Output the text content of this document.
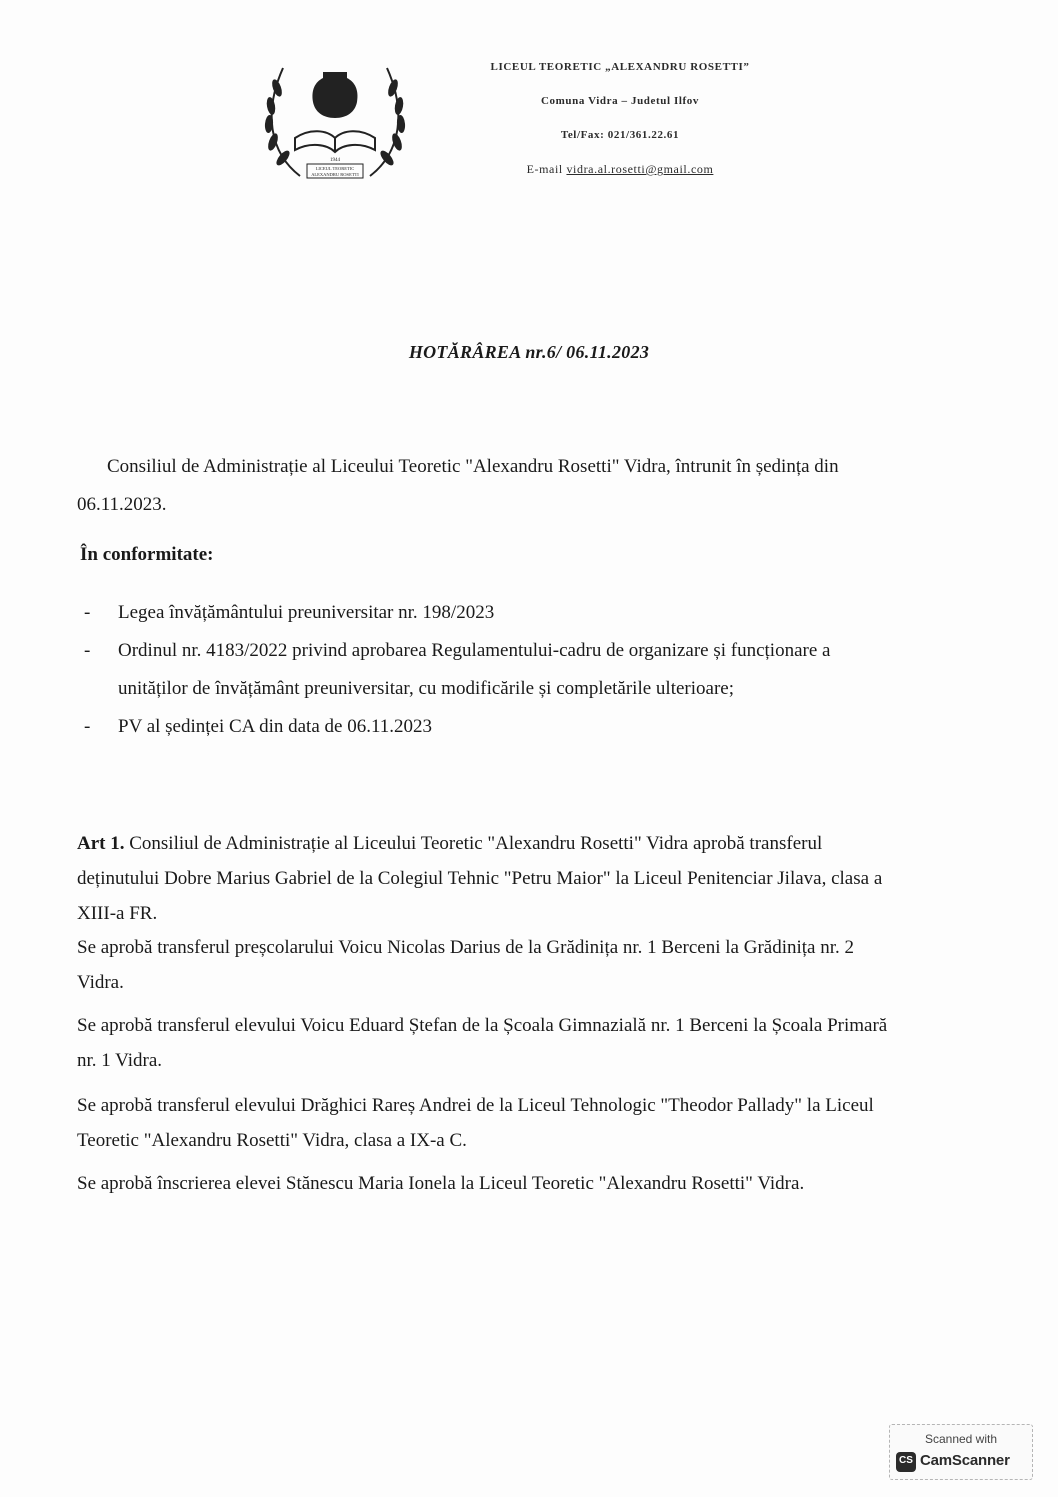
1944
LICEUL TEORETIC
ALEXANDRU ROSETTI
LICEUL TEORETIC „ALEXANDRU ROSETTI”
Comuna Vidra – Judetul Ilfov
Tel/Fax: 021/361.22.61
E-mail vidra.al.rosetti@gmail.com
HOTĂRÂREA nr.6/ 06.11.2023
Consiliul de Administrație al Liceului Teoretic "Alexandru Rosetti" Vidra, întrunit în ședința din 06.11.2023.
În conformitate:
- Legea învățământului preuniversitar nr. 198/2023
- Ordinul nr. 4183/2022 privind aprobarea Regulamentului-cadru de organizare și funcționare a unităților de învățământ preuniversitar, cu modificările și completările ulterioare;
- PV al ședinței CA din data de 06.11.2023
Art 1. Consiliul de Administrație al Liceului Teoretic "Alexandru Rosetti" Vidra aprobă transferul deținutului Dobre Marius Gabriel de la Colegiul Tehnic "Petru Maior" la Liceul Penitenciar Jilava, clasa a XIII-a FR.
Se aprobă transferul preșcolarului Voicu Nicolas Darius de la Grădinița nr. 1 Berceni la Grădinița nr. 2 Vidra.
Se aprobă transferul elevului Voicu Eduard Ștefan de la Școala Gimnazială nr. 1 Berceni la Școala Primară nr. 1 Vidra.
Se aprobă transferul elevului Drăghici Rareș Andrei de la Liceul Tehnologic "Theodor Pallady" la Liceul Teoretic "Alexandru Rosetti" Vidra, clasa a IX-a C.
Se aprobă înscrierea elevei Stănescu Maria Ionela la Liceul Teoretic "Alexandru Rosetti" Vidra.
Scanned with
CS CamScanner
